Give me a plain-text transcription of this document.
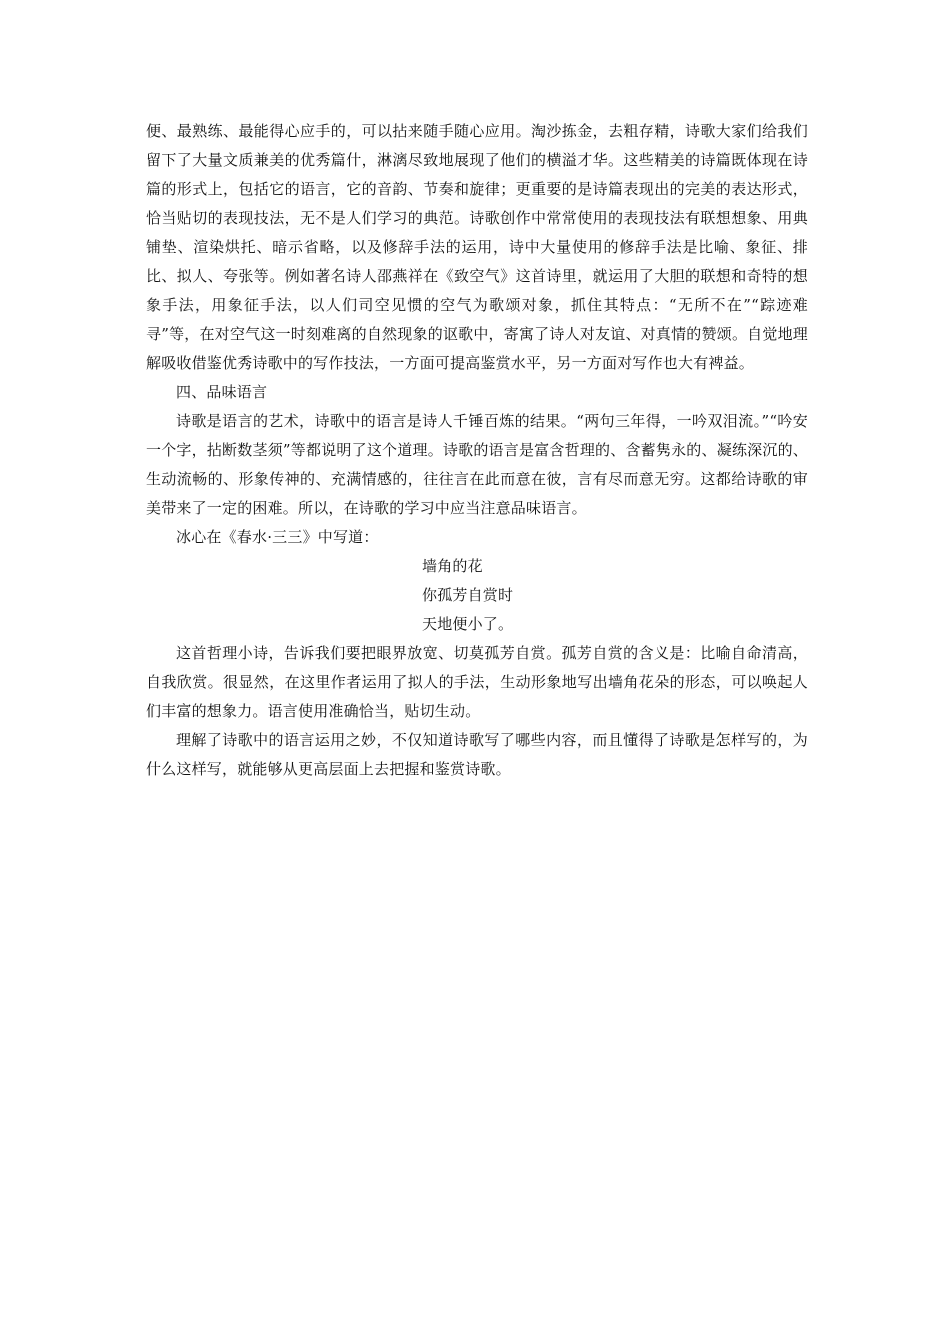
便、最熟练、最能得心应手的，可以拈来随手随心应用。淘沙拣金，去粗存精，诗歌大家们给我们留下了大量文质兼美的优秀篇什，淋漓尽致地展现了他们的横溢才华。这些精美的诗篇既体现在诗篇的形式上，包括它的语言，它的音韵、节奏和旋律；更重要的是诗篇表现出的完美的表达形式，恰当贴切的表现技法，无不是人们学习的典范。诗歌创作中常常使用的表现技法有联想想象、用典铺垫、渲染烘托、暗示省略，以及修辞手法的运用，诗中大量使用的修辞手法是比喻、象征、排比、拟人、夸张等。例如著名诗人邵燕祥在《致空气》这首诗里，就运用了大胆的联想和奇特的想象手法，用象征手法，以人们司空见惯的空气为歌颂对象，抓住其特点：“无所不在”“踪迹难寻”等，在对空气这一时刻难离的自然现象的讴歌中，寄寓了诗人对友谊、对真情的赞颂。自觉地理解吸收借鉴优秀诗歌中的写作技法，一方面可提高鉴赏水平，另一方面对写作也大有裨益。

四、品味语言

诗歌是语言的艺术，诗歌中的语言是诗人千锤百炼的结果。“两句三年得，一吟双泪流。”“吟安一个字，拈断数茎须”等都说明了这个道理。诗歌的语言是富含哲理的、含蓄隽永的、凝练深沉的、生动流畅的、形象传神的、充满情感的，往往言在此而意在彼，言有尽而意无穷。这都给诗歌的审美带来了一定的困难。所以，在诗歌的学习中应当注意品味语言。

冰心在《春水·三三》中写道：

墙角的花
你孤芳自赏时
天地便小了。

这首哲理小诗，告诉我们要把眼界放宽、切莫孤芳自赏。孤芳自赏的含义是：比喻自命清高，自我欣赏。很显然，在这里作者运用了拟人的手法，生动形象地写出墙角花朵的形态，可以唤起人们丰富的想象力。语言使用准确恰当，贴切生动。

理解了诗歌中的语言运用之妙，不仅知道诗歌写了哪些内容，而且懂得了诗歌是怎样写的，为什么这样写，就能够从更高层面上去把握和鉴赏诗歌。
